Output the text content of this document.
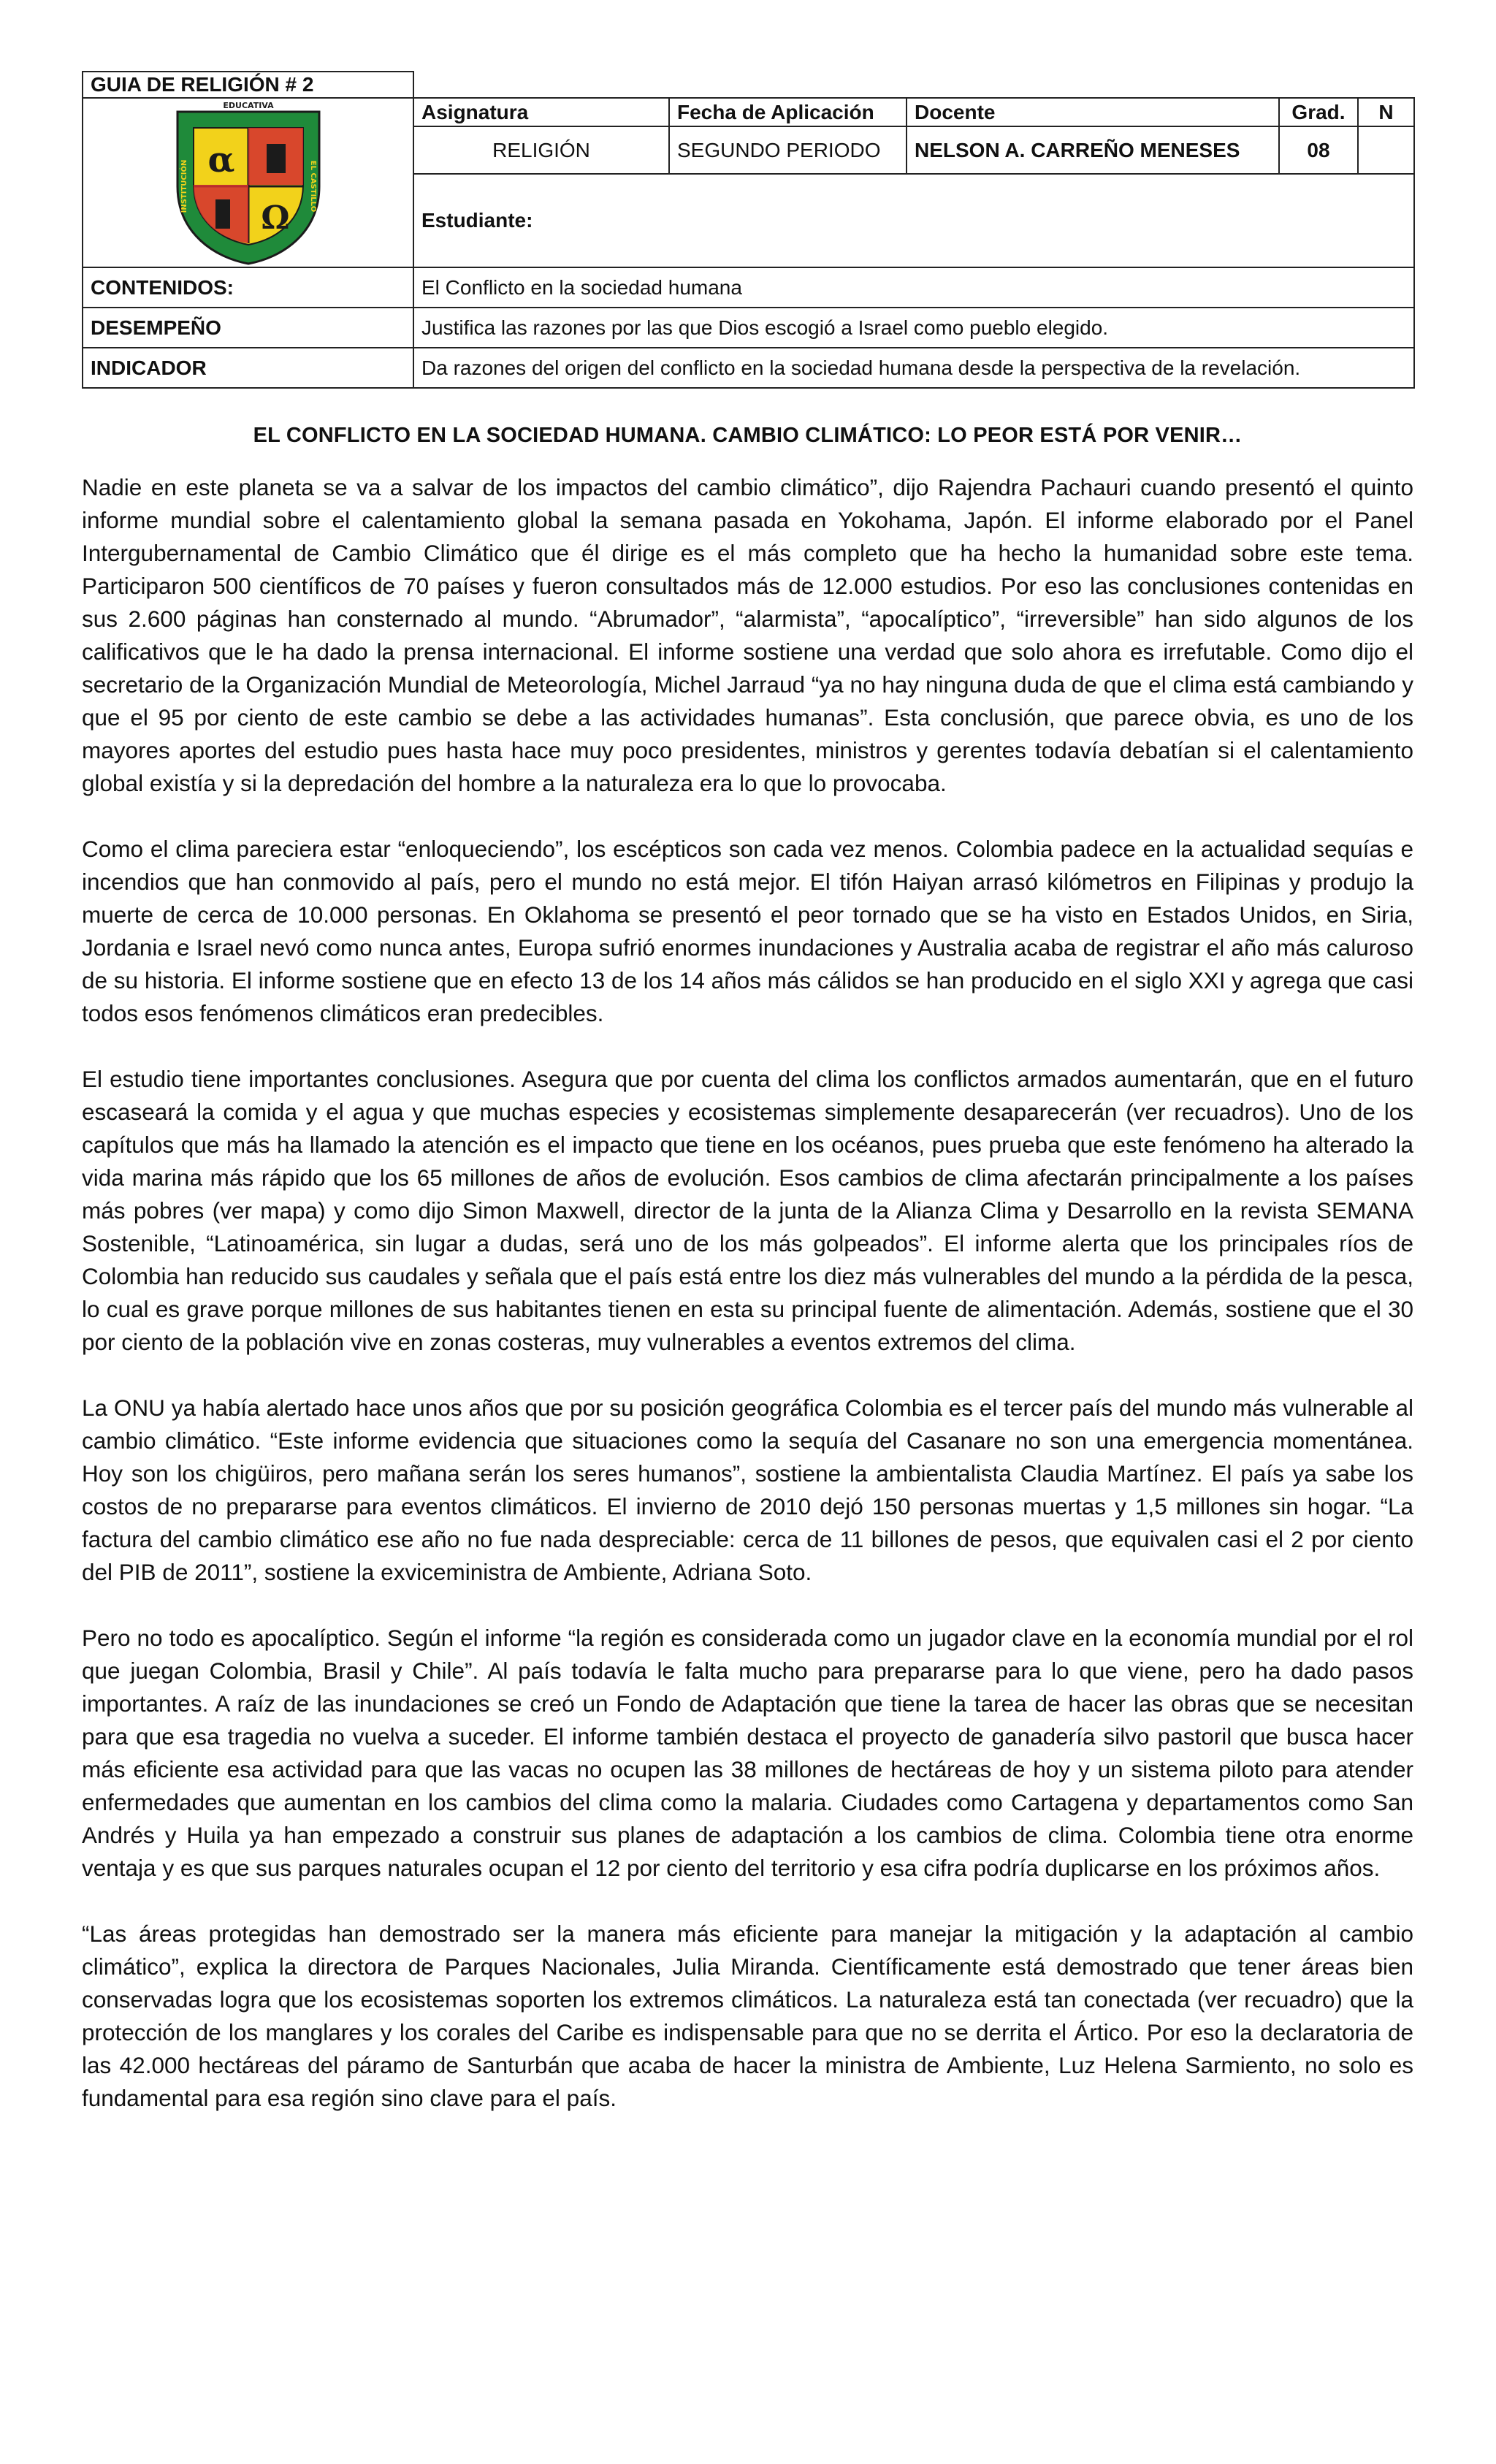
GUIA DE RELIGIÓN # 2					

α
Ω
EDUCATIVA
INSTITUCIÓN EL CASTILLO	Asignatura	Fecha de Aplicación	Docente	Grad.	N
	RELIGIÓN	SEGUNDO PERIODO	NELSON A. CARREÑO MENESES	08	
	Estudiante:				
CONTENIDOS:	El Conflicto en la sociedad humana				
DESEMPEÑO	Justifica las razones por las que Dios escogió a Israel como pueblo elegido.				
INDICADOR	Da razones del origen del conflicto en la sociedad humana desde la perspectiva de la revelación.				
EL CONFLICTO EN LA SOCIEDAD HUMANA. CAMBIO CLIMÁTICO: LO PEOR ESTÁ POR VENIR…

Nadie en este planeta se va a salvar de los impactos del cambio climático”, dijo Rajendra Pachauri cuando presentó el quinto informe mundial sobre el calentamiento global la semana pasada en Yokohama, Japón. El informe elaborado por el Panel Intergubernamental de Cambio Climático que él dirige es el más completo que ha hecho la humanidad sobre este tema. Participaron 500 científicos de 70 países y fueron consultados más de 12.000 estudios. Por eso las conclusiones contenidas en sus 2.600 páginas han consternado al mundo. “Abrumador”, “alarmista”, “apocalíptico”, “irreversible” han sido algunos de los calificativos que le ha dado la prensa internacional. El informe sostiene una verdad que solo ahora es irrefutable. Como dijo el secretario de la Organización Mundial de Meteorología, Michel Jarraud “ya no hay ninguna duda de que el clima está cambiando y que el 95 por ciento de este cambio se debe a las actividades humanas”. Esta conclusión, que parece obvia, es uno de los mayores aportes del estudio pues hasta hace muy poco presidentes, ministros y gerentes todavía debatían si el calentamiento global existía y si la depredación del hombre a la naturaleza era lo que lo provocaba.

Como el clima pareciera estar “enloqueciendo”, los escépticos son cada vez menos. Colombia padece en la actualidad sequías e incendios que han conmovido al país, pero el mundo no está mejor. El tifón Haiyan arrasó kilómetros en Filipinas y produjo la muerte de cerca de 10.000 personas. En Oklahoma se presentó el peor tornado que se ha visto en Estados Unidos, en Siria, Jordania e Israel nevó como nunca antes, Europa sufrió enormes inundaciones y Australia acaba de registrar el año más caluroso de su historia. El informe sostiene que en efecto 13 de los 14 años más cálidos se han producido en el siglo XXI y agrega que casi todos esos fenómenos climáticos eran predecibles.

El estudio tiene importantes conclusiones. Asegura que por cuenta del clima los conflictos armados aumentarán, que en el futuro escaseará la comida y el agua y que muchas especies y ecosistemas simplemente desaparecerán (ver recuadros). Uno de los capítulos que más ha llamado la atención es el impacto que tiene en los océanos, pues prueba que este fenómeno ha alterado la vida marina más rápido que los 65 millones de años de evolución. Esos cambios de clima afectarán principalmente a los países más pobres (ver mapa) y como dijo Simon Maxwell, director de la junta de la Alianza Clima y Desarrollo en la revista SEMANA Sostenible, “Latinoamérica, sin lugar a dudas, será uno de los más golpeados”. El informe alerta que los principales ríos de Colombia han reducido sus caudales y señala que el país está entre los diez más vulnerables del mundo a la pérdida de la pesca, lo cual es grave porque millones de sus habitantes tienen en esta su principal fuente de alimentación. Además, sostiene que el 30 por ciento de la población vive en zonas costeras, muy vulnerables a eventos extremos del clima.

La ONU ya había alertado hace unos años que por su posición geográfica Colombia es el tercer país del mundo más vulnerable al cambio climático. “Este informe evidencia que situaciones como la sequía del Casanare no son una emergencia momentánea. Hoy son los chigüiros, pero mañana serán los seres humanos”, sostiene la ambientalista Claudia Martínez. El país ya sabe los costos de no prepararse para eventos climáticos. El invierno de 2010 dejó 150 personas muertas y 1,5 millones sin hogar. “La factura del cambio climático ese año no fue nada despreciable: cerca de 11 billones de pesos, que equivalen casi el 2 por ciento del PIB de 2011”, sostiene la exviceministra de Ambiente, Adriana Soto.

Pero no todo es apocalíptico. Según el informe “la región es considerada como un jugador clave en la economía mundial por el rol que juegan Colombia, Brasil y Chile”. Al país todavía le falta mucho para prepararse para lo que viene, pero ha dado pasos importantes. A raíz de las inundaciones se creó un Fondo de Adaptación que tiene la tarea de hacer las obras que se necesitan para que esa tragedia no vuelva a suceder. El informe también destaca el proyecto de ganadería silvo pastoril que busca hacer más eficiente esa actividad para que las vacas no ocupen las 38 millones de hectáreas de hoy y un sistema piloto para atender enfermedades que aumentan en los cambios del clima como la malaria. Ciudades como Cartagena y departamentos como San Andrés y Huila ya han empezado a construir sus planes de adaptación a los cambios de clima. Colombia tiene otra enorme ventaja y es que sus parques naturales ocupan el 12 por ciento del territorio y esa cifra podría duplicarse en los próximos años.

“Las áreas protegidas han demostrado ser la manera más eficiente para manejar la mitigación y la adaptación al cambio climático”, explica la directora de Parques Nacionales, Julia Miranda. Científicamente está demostrado que tener áreas bien conservadas logra que los ecosistemas soporten los extremos climáticos. La naturaleza está tan conectada (ver recuadro) que la protección de los manglares y los corales del Caribe es indispensable para que no se derrita el Ártico. Por eso la declaratoria de las 42.000 hectáreas del páramo de Santurbán que acaba de hacer la ministra de Ambiente, Luz Helena Sarmiento, no solo es fundamental para esa región sino clave para el país.
